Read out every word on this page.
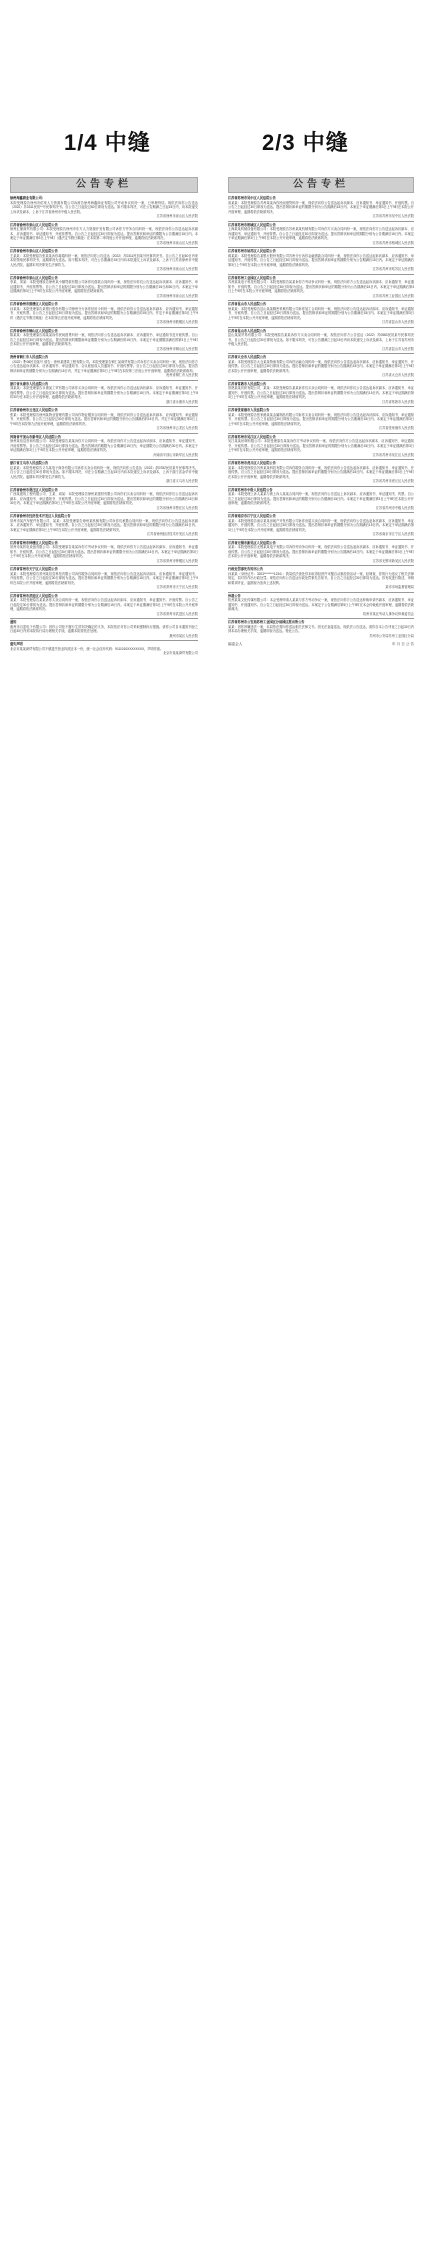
1/4 中缝	2/3 中缝
公告专栏
徐州海鑫商业有限公司：
本院受理原告徐州市佑家人力资源有限公司诉被告徐州海鑫商业有限公司劳动争议纠纷一案，已审理终结。现依法向你公告送达（2022）苏0311民初**号民事判决书。自公告之日起经过60日即视为送达。如不服本判决，可在公告期满之日起15日内，向本院递交上诉状及副本，上诉于江苏省徐州市中级人民法院。
江苏省徐州市泉山区人民法院
江苏省徐州市泉山区人民法院公告
徐州汇鼎商贸有限公司：本院受理原告徐州市东方人力资源开发有限公司诉你方劳务合同纠纷一案，现依法向你公告送达起诉状副本、应诉通知书、举证通知书、开庭传票等。自公告之日起经过30日即视为送达。提出答辩状和举证的期限为公告期满后15日内。本案定于举证期满后第3日上午9时（遇法定节假日顺延）在本院第二审判庭公开开庭审理，逾期将依法缺席判决。
江苏省徐州市泉山区人民法院
江苏省徐州市泉山区人民法院公告
王某某：本院受理原告张某某诉你离婚纠纷一案，现依法向你公告送达（2022）苏0311民初某号民事判决书。自公告之日起60日内来本院领取民事判决书，逾期即视为送达。如不服本判决，可在公告期满后15日内向本院递交上诉状及副本，上诉于江苏省徐州市中级人民法院。逾期本判决即发生法律效力。
江苏省徐州市泉山区人民法院
江苏省徐州市泉山区人民法院公告
李某、刘某：本院受理原告徐州某小额贷款有限公司诉你们借款合同纠纷一案，现依法向你们公告送达起诉状副本、应诉通知书、举证通知书、开庭传票等。自公告之日起经过30日即视为送达。提出答辩状和举证的期限分别为公告期满后15日和30日内。本案定于举证期满后第3日上午9时在本院公开开庭审理，逾期将依法缺席裁判。
江苏省徐州市泉山区人民法院
江苏省徐州市鼓楼区人民法院公告
孙某某：本院受理原告某银行股份有限公司徐州分行诉你信用卡纠纷一案，现依法向你公告送达起诉状副本、应诉通知书、举证通知书、开庭传票。自公告之日起经过30日即视为送达。提出答辩状和举证的期限为公告期满后的15日内。并定于举证期满后第3日上午9时（遇法定节假日顺延）在本院第五法庭开庭审理，逾期将依法缺席判决。
江苏省徐州市鼓楼区人民法院
江苏省徐州市铜山区人民法院公告
陈某某：本院受理原告周某某诉你民间借贷纠纷一案，现依法向你公告送达起诉状副本、应诉通知书、举证通知书及开庭传票。自公告之日起经过30日即视为送达。提出答辩状的期限和举证期限分别为公告期满后的15日内。本案定于举证期限届满后的第3日上午9时在本院公开开庭审理，逾期将依法缺席判决。
江苏省徐州市铜山区人民法院
贵州省铜仁市人民法院公告
（2022）黔06民初某号 被告：徐州某建筑工程有限公司。本院受理原告铜仁某商贸有限公司诉你方买卖合同纠纷一案，现依法向你方公告送达起诉状副本、应诉通知书、举证通知书、合议庭组成人员通知书、开庭传票等。自公告之日起经过30日即视为送达。提出答辩状和举证的期限分别为公告期满后15日内，并定于举证期满后第3日上午9时在本院第三法庭公开开庭审理，逾期将依法缺席裁判。
贵州省铜仁市人民法院
浙江省永康市人民法院公告
刘某某：本院受理原告永康某工贸有限公司诉你买卖合同纠纷一案，现依法向你公告送达起诉状副本、应诉通知书、举证通知书、开庭传票等。自公告之日起经过30日即视为送达。提出答辩状和举证的期限分别为公告期满后15日内。本案定于举证期满后第3日上午8时30分在本院公开开庭审理，逾期将依法缺席判决。
浙江省永康市人民法院
江苏省徐州市云龙区人民法院公告
张某：本院受理原告徐州某物业管理有限公司诉你物业服务合同纠纷一案，现依法向你公告送达起诉状副本、应诉通知书、举证通知书、开庭传票。自公告之日起经过30日即视为送达。提出答辩状和举证的期限分别为公告期满后的15日内。并定于举证期满后第3日上午9时在本院第九法庭开庭审理，逾期将依法缺席判决。
江苏省徐州市云龙区人民法院
河南省平顶山市新华区人民法院公告
徐州某信息咨询有限公司：本院受理原告某某诉你方合同纠纷一案，现依法向你方公告送达起诉状副本、应诉通知书、举证通知书、开庭传票等。自公告之日起经过30日即视为送达。提出答辩状的期限为公告期满后15日内，举证期限为公告期满后30日内。本案定于举证期满后第3日上午9时在本院公开开庭审理，逾期将依法缺席判决。
河南省平顶山市新华区人民法院
浙江省义乌市人民法院公告
赵某某：本院受理原告义乌某电子商务有限公司诉你买卖合同纠纷一案，现依法向你公告送达（2022）浙0782民初某号民事判决书。自公告之日起经过30日即视为送达。如不服本判决，可在公告期满之日起15日内向本院递交上诉状及副本，上诉于浙江省金华市中级人民法院。逾期本判决即发生法律效力。
浙江省义乌市人民法院
江苏省徐州市贾汪区人民法院公告
广西某建筑工程有限公司、王某、周某：本院受理原告徐州某建材有限公司诉你们买卖合同纠纷一案，现依法向你们公告送达起诉状副本、应诉通知书、举证通知书、开庭传票。自公告之日起经过30日即视为送达。提出答辩状和举证的期限分别为公告期满后15日和30日内。本案定于举证期满后第3日上午9时在本院公开开庭审理，逾期将依法缺席判决。
江苏省徐州市贾汪区人民法院
江苏省徐州市经济技术开发区人民法院公告
常州市某汽车配件有限公司、某某：本院受理原告徐州某机械有限公司诉你们承揽合同纠纷一案，现依法向你们公告送达起诉状副本、应诉通知书、举证通知书、开庭传票。自公告之日起经过30日即视为送达。提出答辩状和举证的期限分别为公告期满后15日内。本案定于举证期满后第3日上午9时在本院公开开庭审理，逾期将依法缺席判决。
江苏省徐州经济技术开发区人民法院
江苏省常州市钟楼区人民法院公告
常州市某机电设备有限公司：本院受理原告某某诉你方劳动争议纠纷一案，现依法向你方公告送达起诉状副本、应诉通知书、举证通知书、开庭传票。自公告之日起经过30日即视为送达。提出答辩状和举证的期限分别为公告期满后15日内。本案定于举证期满后第3日上午9时在本院公开开庭审理，逾期将依法缺席判决。
江苏省常州市钟楼区人民法院
江苏省常州市天宁区人民法院公告
某某：本院受理原告常州某信息科技有限公司诉你服务合同纠纷一案，现依法向你公告送达起诉状副本、应诉通知书、举证通知书、开庭传票。自公告之日起经过30日即视为送达。提出答辩状和举证的期限分别为公告期满后15日内。本案定于举证期满后第3日上午9时在本院公开开庭审理，逾期将依法缺席判决。
江苏省常州市天宁区人民法院
江苏省常州市武进区人民法院公告
某某：本院受理原告某某诉你买卖合同纠纷一案，现依法向你公告送达起诉状副本、应诉通知书、举证通知书、开庭传票。自公告之日起经过30日即视为送达。提出答辩状和举证的期限分别为公告期满后15日内。本案定于举证期满后第3日上午9时在本院公开开庭审理，逾期将依法缺席判决。
江苏省常州市武进区人民法院
通知
惠州市百盈电子有限公司：因你公司拒不履行生效判决确定的义务，本院依法对你公司采取强制执行措施。请你公司自本通知刊登之日起30日内到本院执行局办理相关手续，逾期本院将依法处理。
惠州市某区人民法院
遗失声明
北京市某某商贸有限公司不慎遗失营业执照正本一份，统一社会信用代码：9111010XXXXXXXX，声明作废。
北京市某某商贸有限公司
公告专栏
江苏省苏州市吴中区人民法院公告
高某某：本院受理原告苏州某某诉你民间借贷纠纷一案，现依法向你公告送达起诉状副本、应诉通知书、举证通知书、开庭传票。自公告之日起经过30日即视为送达。提出答辩状和举证的期限分别为公告期满后15日内。本案定于举证期满后第3日上午9时在本院公开开庭审理，逾期将依法缺席判决。
江苏省苏州市吴中区人民法院
江苏省苏州市相城区人民法院公告
上海某某机械设备有限公司：本院受理原告苏州某某机械有限公司诉你方买卖合同纠纷一案，现依法向你方公告送达起诉状副本、应诉通知书、举证通知书、开庭传票。自公告之日起经过30日即视为送达。提出答辩状和举证的期限分别为公告期满后15日内。本案定于举证期满后第3日上午9时在本院公开开庭审理，逾期将依法缺席判决。
江苏省苏州市相城区人民法院
江苏省苏州市姑苏区人民法院公告
薛某某：本院受理原告某银行股份有限公司苏州分行诉你金融借款合同纠纷一案，现依法向你公告送达起诉状副本、应诉通知书、举证通知书、开庭传票。自公告之日起经过30日即视为送达。提出答辩状和举证的期限分别为公告期满后15日内。本案定于举证期满后第3日上午9时在本院公开开庭审理，逾期将依法缺席判决。
江苏省苏州市姑苏区人民法院
江苏省苏州工业园区人民法院公告
苏州某某电子科技有限公司：本院受理原告某某诉你方劳动争议纠纷一案，现依法向你方公告送达起诉状副本、应诉通知书、举证通知书、开庭传票。自公告之日起经过30日即视为送达。提出答辩状和举证的期限分别为公告期满后15日内。本案定于举证期满后第3日上午9时在本院公开开庭审理，逾期将依法缺席判决。
江苏省苏州工业园区人民法院
江苏省昆山市人民法院公告
徐某某：本院受理原告昆山某某精密机械有限公司诉你加工合同纠纷一案，现依法向你公告送达起诉状副本、应诉通知书、举证通知书、开庭传票。自公告之日起经过30日即视为送达。提出答辩状和举证的期限分别为公告期满后15日内。本案定于举证期满后第3日上午9时在本院公开开庭审理，逾期将依法缺席判决。
江苏省昆山市人民法院
江苏省昆山市人民法院公告
昆山某某贸易有限公司：本院受理原告某某诉你方买卖合同纠纷一案，现依法向你方公告送达（2022）苏0583民初某号民事判决书。自公告之日起经过30日即视为送达。如不服本判决，可在公告期满之日起15日内向本院递交上诉状及副本，上诉于江苏省苏州市中级人民法院。
江苏省昆山市人民法院
江苏省太仓市人民法院公告
某某：本院受理原告太仓某某物流有限公司诉你运输合同纠纷一案，现依法向你公告送达起诉状副本、应诉通知书、举证通知书、开庭传票。自公告之日起经过30日即视为送达。提出答辩状和举证的期限分别为公告期满后15日内。本案定于举证期满后第3日上午9时在本院公开开庭审理，逾期将依法缺席判决。
江苏省太仓市人民法院
江苏省常熟市人民法院公告
常熟某某纺织有限公司、某某：本院受理原告某某诉你们买卖合同纠纷一案，现依法向你们公告送达起诉状副本、应诉通知书、举证通知书、开庭传票。自公告之日起经过30日即视为送达。提出答辩状和举证的期限分别为公告期满后15日内。本案定于举证期满后第3日上午9时在本院公开开庭审理，逾期将依法缺席判决。
江苏省常熟市人民法院
江苏省张家港市人民法院公告
某某：本院受理原告张家港某某金属制品有限公司诉你买卖合同纠纷一案，现依法向你公告送达起诉状副本、应诉通知书、举证通知书、开庭传票。自公告之日起经过30日即视为送达。提出答辩状和举证的期限分别为公告期满后15日内。本案定于举证期满后第3日上午9时在本院公开开庭审理，逾期将依法缺席判决。
江苏省张家港市人民法院
江苏省苏州市吴江区人民法院公告
吴江某某丝绸有限公司：本院受理原告某某诉你方劳动争议纠纷一案，现依法向你方公告送达起诉状副本、应诉通知书、举证通知书、开庭传票。自公告之日起经过30日即视为送达。提出答辩状和举证的期限分别为公告期满后15日内。本案定于举证期满后第3日上午9时在本院公开开庭审理，逾期将依法缺席判决。
江苏省苏州市吴江区人民法院
江苏省苏州市虎丘区人民法院公告
某某：本院受理原告苏州某某科技有限公司诉你服务合同纠纷一案，现依法向你公告送达起诉状副本、应诉通知书、举证通知书、开庭传票。自公告之日起经过30日即视为送达。提出答辩状和举证的期限分别为公告期满后15日内。本案定于举证期满后第3日上午9时在本院公开开庭审理，逾期将依法缺席判决。
江苏省苏州市虎丘区人民法院
江苏省苏州市中级人民法院公告
某某：本院受理上诉人某某与被上诉人某某合同纠纷一案，现依法向你公告送达上诉状副本、应诉通知书、举证通知书、传票。自公告之日起经过30日即视为送达。提出答辩状和举证的期限分别为公告期满后15日内。本案定于举证期满后第3日上午9时在本院公开开庭审理，逾期将依法缺席判决。
江苏省苏州市中级人民法院
江苏省南京市江宁区人民法院公告
某某：本院受理原告南京某某房地产开发有限公司诉你房屋买卖合同纠纷一案，现依法向你公告送达起诉状副本、应诉通知书、举证通知书、开庭传票。自公告之日起经过30日即视为送达。提出答辩状和举证的期限分别为公告期满后15日内。本案定于举证期满后第3日上午9时在本院公开开庭审理，逾期将依法缺席判决。
江苏省南京市江宁区人民法院
江苏省无锡市新吴区人民法院公告
某某：本院受理原告无锡某某电子有限公司诉你劳动争议纠纷一案，现依法向你公告送达起诉状副本、应诉通知书、举证通知书、开庭传票。自公告之日起经过30日即视为送达。提出答辩状和举证的期限分别为公告期满后15日内。本案定于举证期满后第3日上午9时在本院公开开庭审理，逾期将依法缺席判决。
江苏省无锡市新吴区人民法院
行政处罚事先告知书公告
孙某某（身份证号：3203********1234）：我局依法查处你未取得经营许可擅自从事经营活动一案，经调查，你的行为违反了相关法律规定，拟对你作出行政处罚。现依法向你公告送达行政处罚事先告知书。自公告之日起经过30日即视为送达。你有权进行陈述、申辩和要求听证，逾期视为放弃上述权利。
某市市场监督管理局
仲裁公告
杭州某某文化传媒有限公司：本会受理申请人某某与你方劳动争议一案，现依法向你方公告送达仲裁申请书副本、应诉通知书、举证通知书、开庭通知书。自公告之日起经过30日即视为送达。本案定于公告期满后第5日上午9时在本会仲裁庭开庭审理，逾期将依法缺席裁决。
杭州市某区劳动人事争议仲裁委员会
江苏省苏州市公安局苏州工业园区分局园区派出所公告
某某：因你涉嫌违法一案，本局依法需向你送达相关法律文书。因无法直接送达，现依法公告送达。请你自本公告刊登之日起30日内到本局办理相关手续，逾期即视为送达。特此公告。
苏州市公安局苏州工业园区分局
编委会人	年 月 日 公 告
